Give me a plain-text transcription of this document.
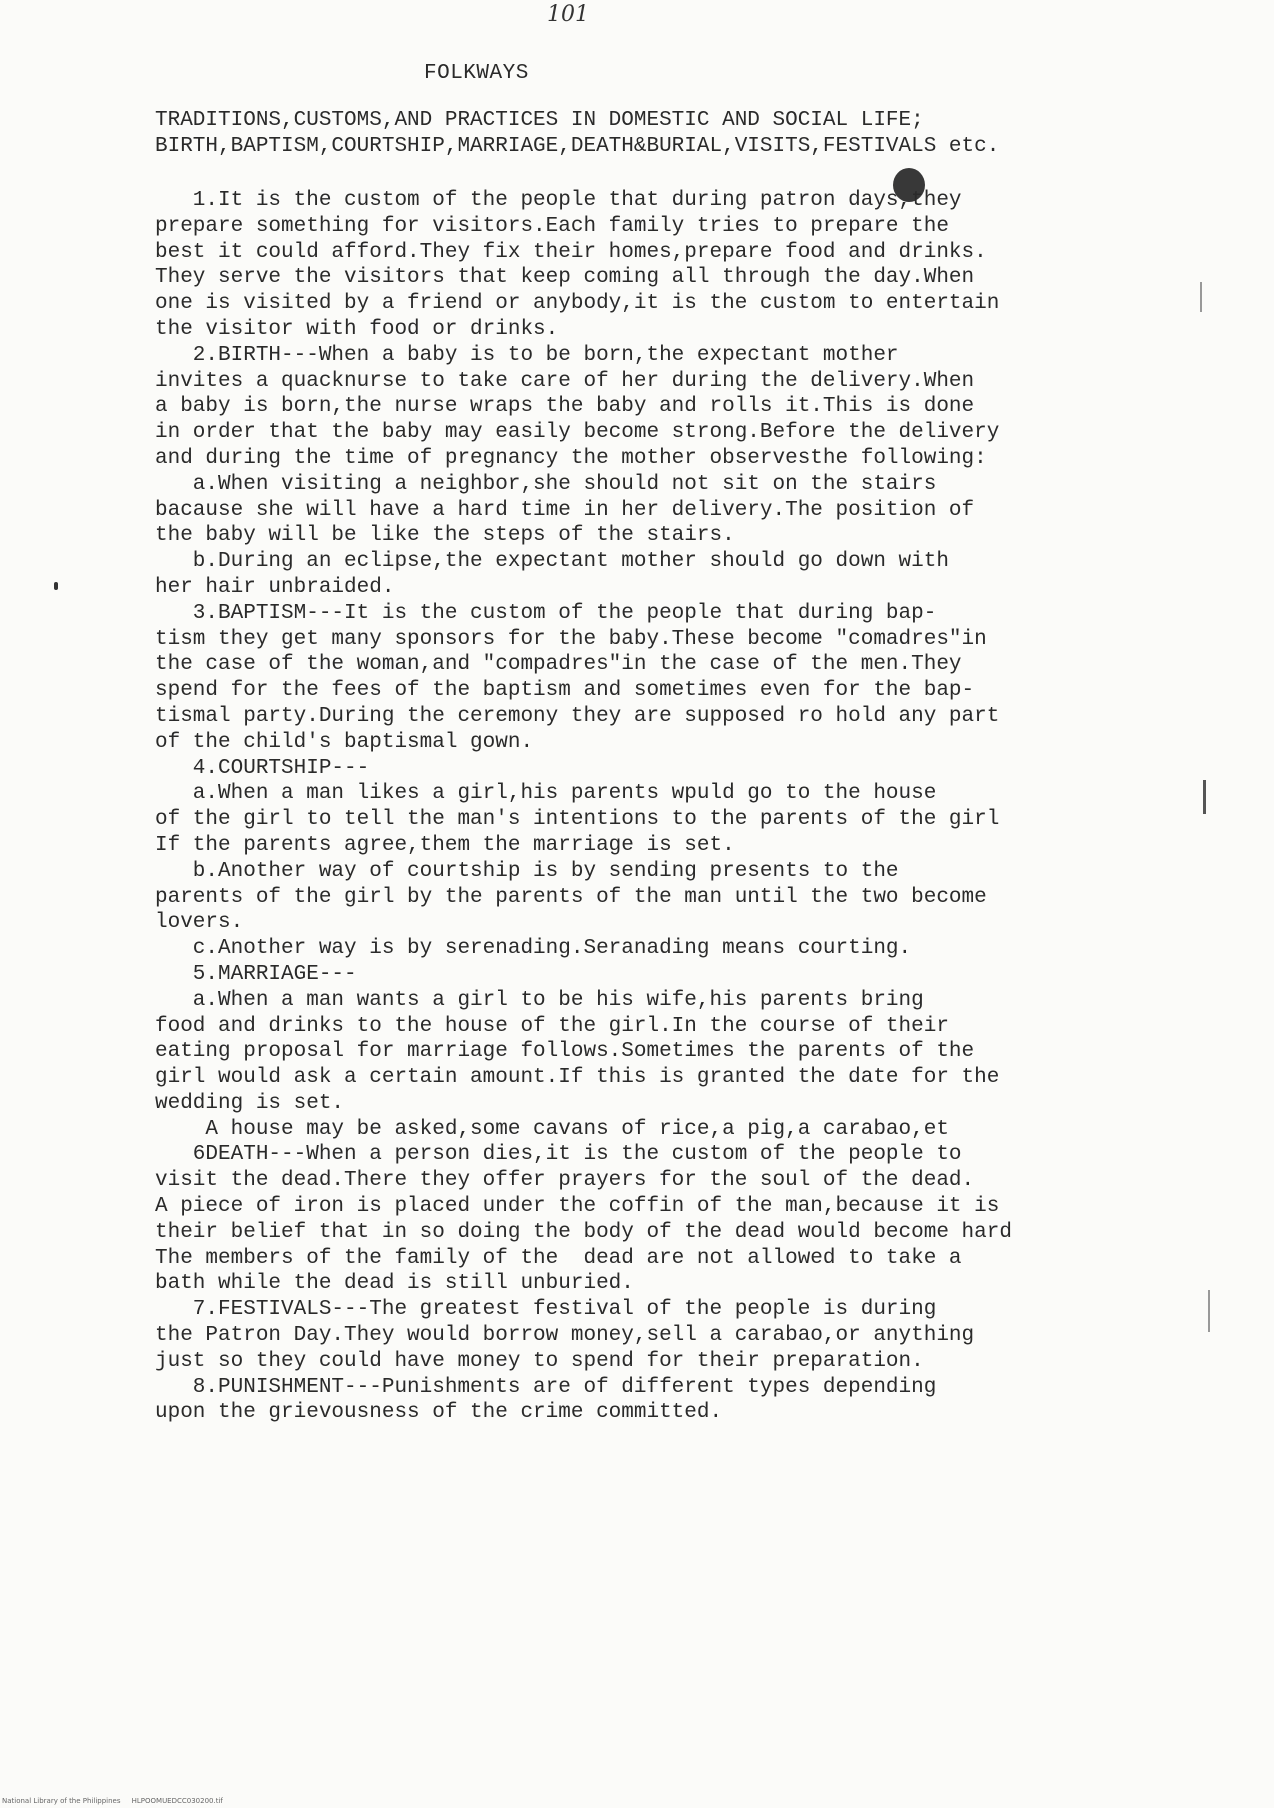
101
FOLKWAYS
TRADITIONS,CUSTOMS,AND PRACTICES IN DOMESTIC AND SOCIAL LIFE;
BIRTH,BAPTISM,COURTSHIP,MARRIAGE,DEATH&BURIAL,VISITS,FESTIVALS etc.
1.It is the custom of the people that during patron days,they
prepare something for visitors.Each family tries to prepare the
best it could afford.They fix their homes,prepare food and drinks.
They serve the visitors that keep coming all through the day.When
one is visited by a friend or anybody,it is the custom to entertain
the visitor with food or drinks.
2.BIRTH---When a baby is to be born,the expectant mother
invites a quacknurse to take care of her during the delivery.When
a baby is born,the nurse wraps the baby and rolls it.This is done
in order that the baby may easily become strong.Before the delivery
and during the time of pregnancy the mother observesthe following:
a.When visiting a neighbor,she should not sit on the stairs
bacause she will have a hard time in her delivery.The position of
the baby will be like the steps of the stairs.
b.During an eclipse,the expectant mother should go down with
her hair unbraided.
3.BAPTISM---It is the custom of the people that during bap-
tism they get many sponsors for the baby.These become "comadres"in
the case of the woman,and "compadres"in the case of the men.They
spend for the fees of the baptism and sometimes even for the bap-
tismal party.During the ceremony they are supposed ro hold any part
of the child's baptismal gown.
4.COURTSHIP---
a.When a man likes a girl,his parents wpuld go to the house
of the girl to tell the man's intentions to the parents of the girl
If the parents agree,them the marriage is set.
b.Another way of courtship is by sending presents to the
parents of the girl by the parents of the man until the two become
lovers.
c.Another way is by serenading.Seranading means courting.
5.MARRIAGE---
a.When a man wants a girl to be his wife,his parents bring
food and drinks to the house of the girl.In the course of their
eating proposal for marriage follows.Sometimes the parents of the
girl would ask a certain amount.If this is granted the date for the
wedding is set.
A house may be asked,some cavans of rice,a pig,a carabao,et
6DEATH---When a person dies,it is the custom of the people to
visit the dead.There they offer prayers for the soul of the dead.
A piece of iron is placed under the coffin of the man,because it is
their belief that in so doing the body of the dead would become hard
The members of the family of the  dead are not allowed to take a
bath while the dead is still unburied.
7.FESTIVALS---The greatest festival of the people is during
the Patron Day.They would borrow money,sell a carabao,or anything
just so they could have money to spend for their preparation.
8.PUNISHMENT---Punishments are of different types depending
upon the grievousness of the crime committed.
National Library of the Philippines     HLPOOMUEDCC030200.tif
